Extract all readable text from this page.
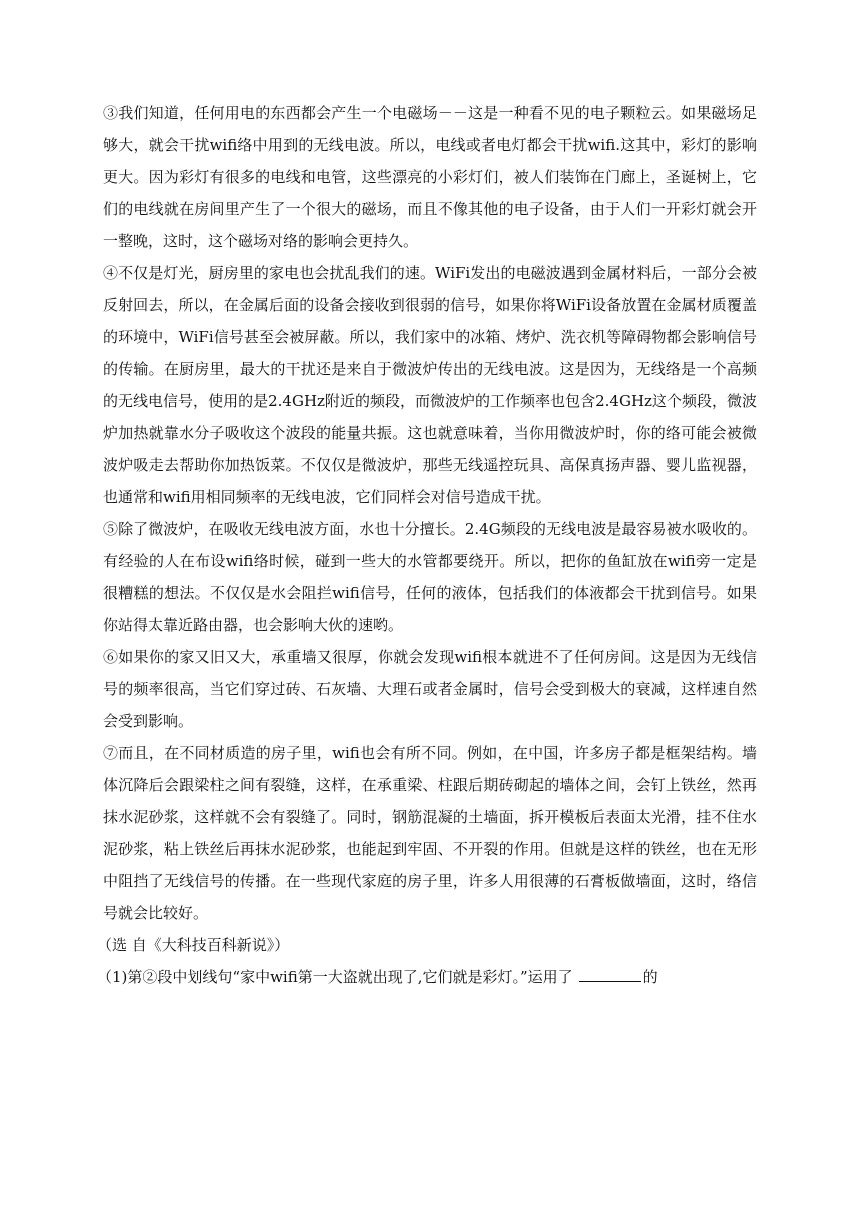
③我们知道，任何用电的东西都会产生一个电磁场－－这是一种看不见的电子颗粒云。如果磁场足够大，就会干扰wifi络中用到的无线电波。所以，电线或者电灯都会干扰wifi.这其中，彩灯的影响更大。因为彩灯有很多的电线和电管，这些漂亮的小彩灯们，被人们装饰在门廊上，圣诞树上，它们的电线就在房间里产生了一个很大的磁场，而且不像其他的电子设备，由于人们一开彩灯就会开一整晚，这时，这个磁场对络的影响会更持久。

④不仅是灯光，厨房里的家电也会扰乱我们的速。WiFi发出的电磁波遇到金属材料后，一部分会被反射回去，所以，在金属后面的设备会接收到很弱的信号，如果你将WiFi设备放置在金属材质覆盖的环境中，WiFi信号甚至会被屏蔽。所以，我们家中的冰箱、烤炉、洗衣机等障碍物都会影响信号的传输。在厨房里，最大的干扰还是来自于微波炉传出的无线电波。这是因为，无线络是一个高频的无线电信号，使用的是2.4GHz附近的频段，而微波炉的工作频率也包含2.4GHz这个频段，微波炉加热就靠水分子吸收这个波段的能量共振。这也就意味着，当你用微波炉时，你的络可能会被微波炉吸走去帮助你加热饭菜。不仅仅是微波炉，那些无线遥控玩具、高保真扬声器、婴儿监视器，也通常和wifi用相同频率的无线电波，它们同样会对信号造成干扰。

⑤除了微波炉，在吸收无线电波方面，水也十分擅长。2.4G频段的无线电波是最容易被水吸收的。有经验的人在布设wifi络时候，碰到一些大的水管都要绕开。所以，把你的鱼缸放在wifi旁一定是很糟糕的想法。不仅仅是水会阻拦wifi信号，任何的液体，包括我们的体液都会干扰到信号。如果你站得太靠近路由器，也会影响大伙的速哟。

⑥如果你的家又旧又大，承重墙又很厚，你就会发现wifi根本就进不了任何房间。这是因为无线信号的频率很高，当它们穿过砖、石灰墙、大理石或者金属时，信号会受到极大的衰减，这样速自然会受到影响。

⑦而且，在不同材质造的房子里，wifi也会有所不同。例如，在中国，许多房子都是框架结构。墙体沉降后会跟梁柱之间有裂缝，这样，在承重梁、柱跟后期砖砌起的墙体之间，会钉上铁丝，然再抹水泥砂浆，这样就不会有裂缝了。同时，钢筋混凝的土墙面，拆开模板后表面太光滑，挂不住水泥砂浆，粘上铁丝后再抹水泥砂浆，也能起到牢固、不开裂的作用。但就是这样的铁丝，也在无形中阻挡了无线信号的传播。在一些现代家庭的房子里，许多人用很薄的石膏板做墙面，这时，络信号就会比较好。

（选 自《大科技百科新说》）

（1)第②段中划线句“家中wifi第一大盗就出现了,它们就是彩灯。”运用了	的
